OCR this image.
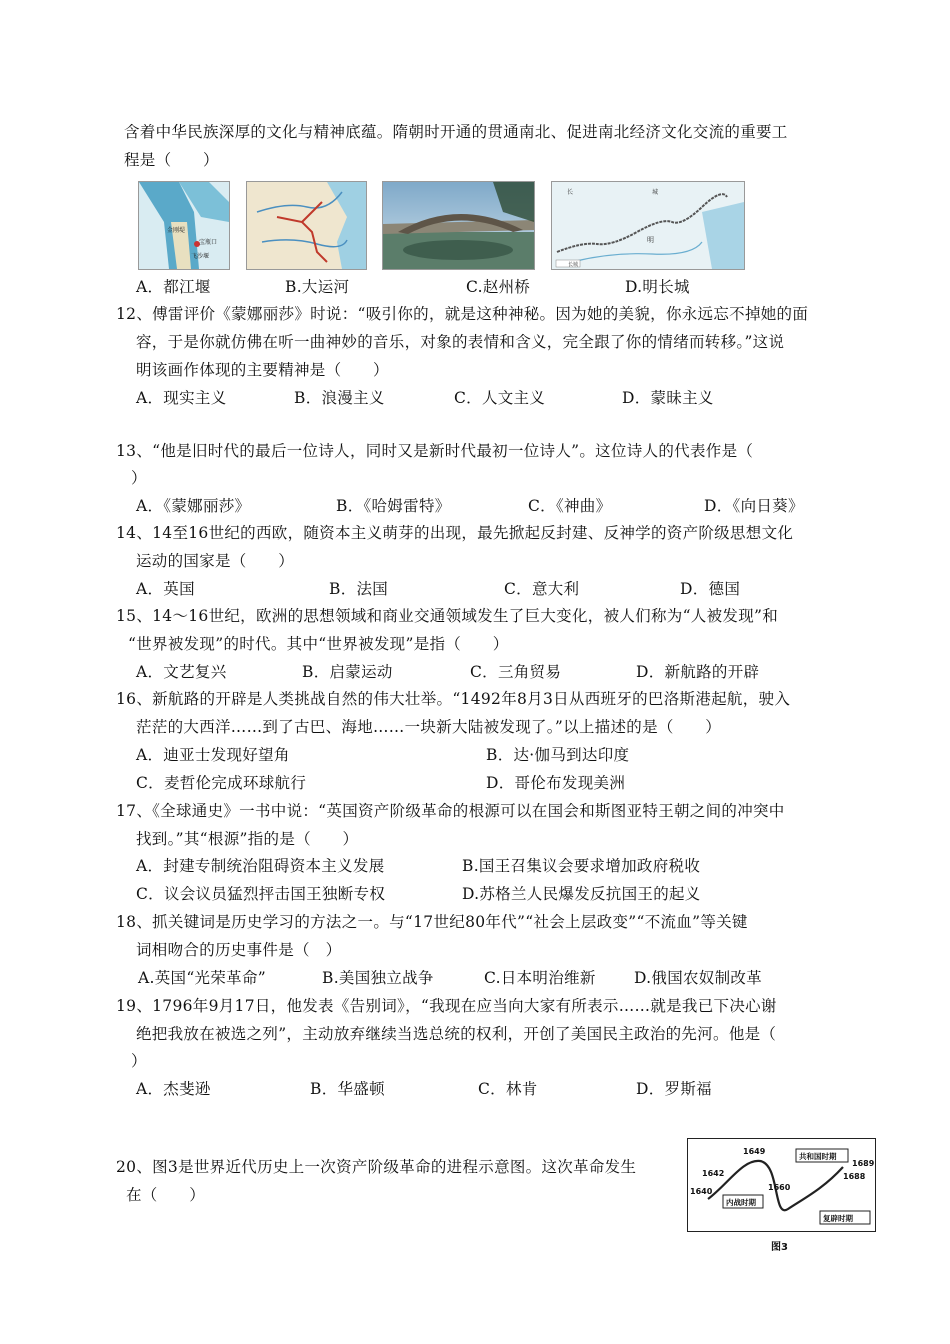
含着中华民族深厚的文化与精神底蕴。隋朝时开通的贯通南北、促进南北经济文化交流的重要工
程是（　　）
宝瓶口
飞沙堰
金刚堤
长	城
明
长城
A．都江堰	B.大运河	C.赵州桥	D.明长城
12、傅雷评价《蒙娜丽莎》时说：“吸引你的，就是这种神秘。因为她的美貌，你永远忘不掉她的面
容，于是你就仿佛在听一曲神妙的音乐，对象的表情和含义，完全跟了你的情绪而转移。”这说
明该画作体现的主要精神是（　　）
A．现实主义	B．浪漫主义	C．人文主义	D．蒙昧主义
13、“他是旧时代的最后一位诗人，同时又是新时代最初一位诗人”。这位诗人的代表作是（
）
A．《蒙娜丽莎》	B．《哈姆雷特》	C．《神曲》	D．《向日葵》
14、14至16世纪的西欧，随资本主义萌芽的出现，最先掀起反封建、反神学的资产阶级思想文化
运动的国家是（　　）
A．英国	B．法国	C．意大利	D．德国
15、14～16世纪，欧洲的思想领域和商业交通领域发生了巨大变化，被人们称为“人被发现”和
“世界被发现”的时代。其中“世界被发现”是指（　　）
A．文艺复兴	B．启蒙运动	C．三角贸易	D．新航路的开辟
16、新航路的开辟是人类挑战自然的伟大壮举。“1492年8月3日从西班牙的巴洛斯港起航，驶入
茫茫的大西洋……到了古巴、海地……一块新大陆被发现了。”以上描述的是（　　）
A．迪亚士发现好望角	B．达·伽马到达印度
C．麦哲伦完成环球航行	D．哥伦布发现美洲
17、《全球通史》一书中说：“英国资产阶级革命的根源可以在国会和斯图亚特王朝之间的冲突中
找到。”其“根源”指的是（　　）
A．封建专制统治阻碍资本主义发展	B.国王召集议会要求增加政府税收
C．议会议员猛烈抨击国王独断专权	D.苏格兰人民爆发反抗国王的起义
18、抓关键词是历史学习的方法之一。与“17世纪80年代”“社会上层政变”“不流血”等关键
词相吻合的历史事件是（　）
A.英国“光荣革命”	B.美国独立战争	C.日本明治维新 D.俄国农奴制改革
19、1796年9月17日，他发表《告别词》，“我现在应当向大家有所表示……就是我已下决心谢
绝把我放在被选之列”，主动放弃继续当选总统的权利，开创了美国民主政治的先河。他是（
）
A．杰斐逊	B．华盛顿	C．林肯	D．罗斯福
20、图3是世界近代历史上一次资产阶级革命的进程示意图。这次革命发生
在（　　）	1640
1642
1649
1660
1688
1689
共和国时期
内战时期
复辟时期
图3
